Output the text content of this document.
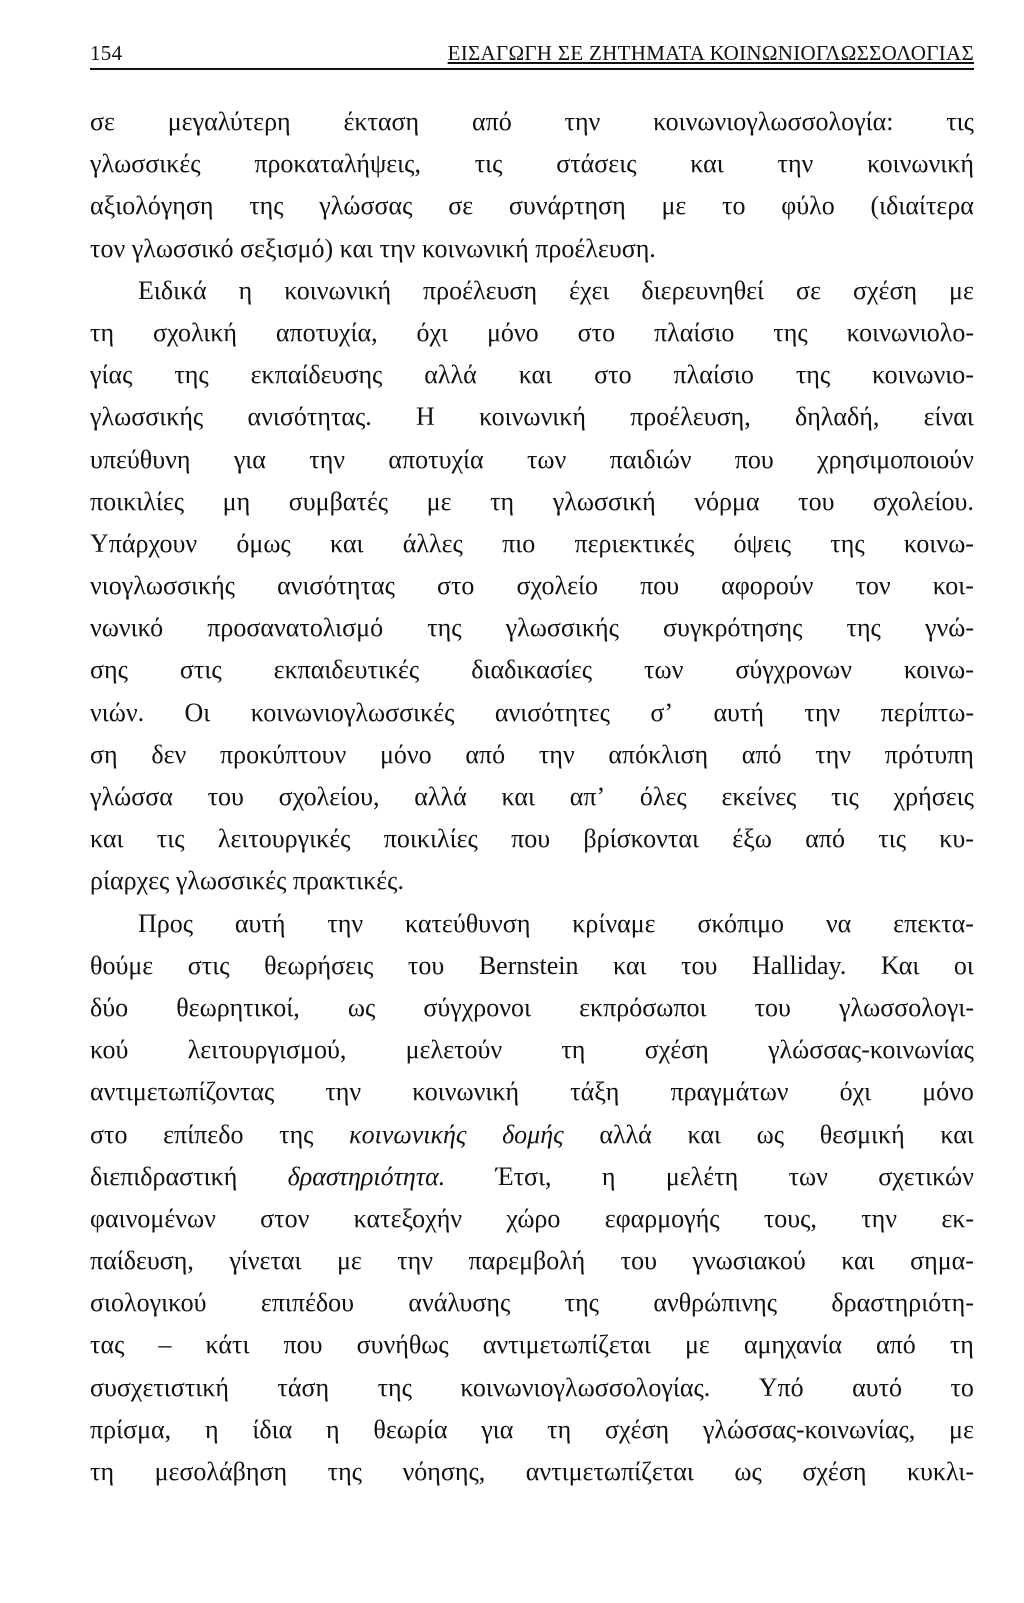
154	ΕΙΣΑΓΩΓΗ ΣΕ ΖΗΤΗΜΑΤΑ ΚΟΙΝΩΝΙΟΓΛΩΣΣΟΛΟΓΙΑΣ
σε μεγαλύτερη έκταση από την κοινωνιογλωσσολογία: τις
γλωσσικές προκαταλήψεις, τις στάσεις και την κοινωνική
αξιολόγηση της γλώσσας σε συνάρτηση με το φύλο (ιδιαίτερα
τον
γλωσσικό
σεξισμό)
και
την
κοινωνική
προέλευση.
Ειδικά η κοινωνική προέλευση έχει διερευνηθεί σε σχέση με
τη σχολική αποτυχία, όχι μόνο στο πλαίσιο της κοινωνιολο-
γίας της εκπαίδευσης αλλά και στο πλαίσιο της κοινωνιο-
γλωσσικής ανισότητας. Η κοινωνική προέλευση, δηλαδή, είναι
υπεύθυνη για την αποτυχία των παιδιών που χρησιμοποιούν
ποικιλίες μη συμβατές με τη γλωσσική νόρμα του σχολείου.
Υπάρχουν όμως και άλλες πιο περιεκτικές όψεις της κοινω-
νιογλωσσικής ανισότητας στο σχολείο που αφορούν τον κοι-
νωνικό προσανατολισμό της γλωσσικής συγκρότησης της γνώ-
σης στις εκπαιδευτικές διαδικασίες των σύγχρονων κοινω-
νιών. Οι κοινωνιογλωσσικές ανισότητες σ’ αυτή την περίπτω-
ση δεν προκύπτουν μόνο από την απόκλιση από την πρότυπη
γλώσσα του σχολείου, αλλά και απ’ όλες εκείνες τις χρήσεις
και τις λειτουργικές ποικιλίες που βρίσκονται έξω από τις κυ-
ρίαρχες
γλωσσικές
πρακτικές.
Προς αυτή την κατεύθυνση κρίναμε σκόπιμο να επεκτα-
θούμε στις θεωρήσεις του Bernstein και του Halliday. Και οι
δύο θεωρητικοί, ως σύγχρονοι εκπρόσωποι του γλωσσολογι-
κού λειτουργισμού, μελετούν τη σχέση γλώσσας-κοινωνίας
αντιμετωπίζοντας την κοινωνική τάξη πραγμάτων όχι μόνο
στο επίπεδο της κοινωνικής δομής αλλά και ως θεσμική και
διεπιδραστική δραστηριότητα. Έτσι, η μελέτη των σχετικών
φαινομένων στον κατεξοχήν χώρο εφαρμογής τους, την εκ-
παίδευση, γίνεται με την παρεμβολή του γνωσιακού και σημα-
σιολογικού επιπέδου ανάλυσης της ανθρώπινης δραστηριότη-
τας – κάτι που συνήθως αντιμετωπίζεται με αμηχανία από τη
συσχετιστική τάση της κοινωνιογλωσσολογίας. Υπό αυτό το
πρίσμα, η ίδια η θεωρία για τη σχέση γλώσσας-κοινωνίας, με
τη μεσολάβηση της νόησης, αντιμετωπίζεται ως σχέση κυκλι-
